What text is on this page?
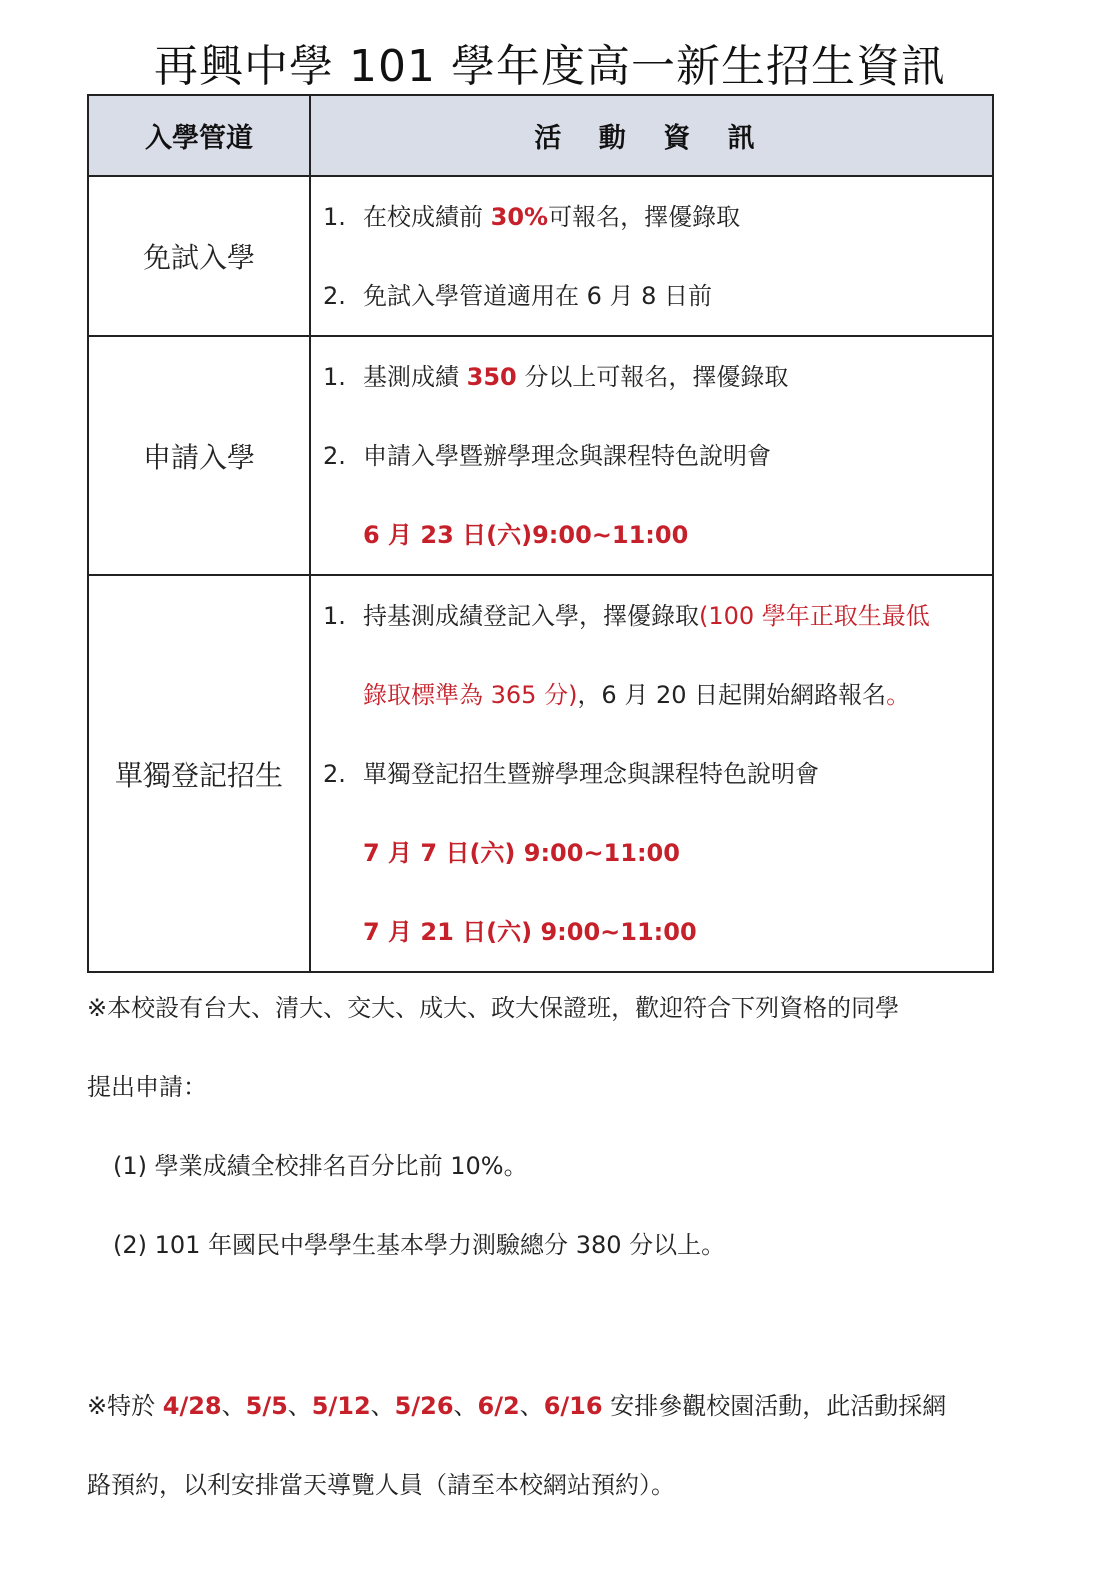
再興中學 101 學年度高一新生招生資訊
入學管道	活 動 資 訊
免試入學	1. 在校成績前 30%可報名，擇優錄取
2. 免試入學管道適用在 6 月 8 日前

申請入學	1. 基測成績 350 分以上可報名，擇優錄取
2. 申請入學暨辦學理念與課程特色說明會
6 月 23 日(六)9:00~11:00

單獨登記招生	1. 持基測成績登記入學，擇優錄取(100 學年正取生最低
錄取標準為 365 分)，6 月 20 日起開始網路報名。
2. 單獨登記招生暨辦學理念與課程特色說明會
7 月 7 日(六) 9:00~11:00
7 月 21 日(六) 9:00~11:00
※本校設有台大、清大、交大、成大、政大保證班，歡迎符合下列資格的同學
提出申請：
(1) 學業成績全校排名百分比前 10%。
(2) 101 年國民中學學生基本學力測驗總分 380 分以上。
※特於 4/28、5/5、5/12、5/26、6/2、6/16 安排參觀校園活動，此活動採網
路預約，以利安排當天導覽人員（請至本校網站預約）。
